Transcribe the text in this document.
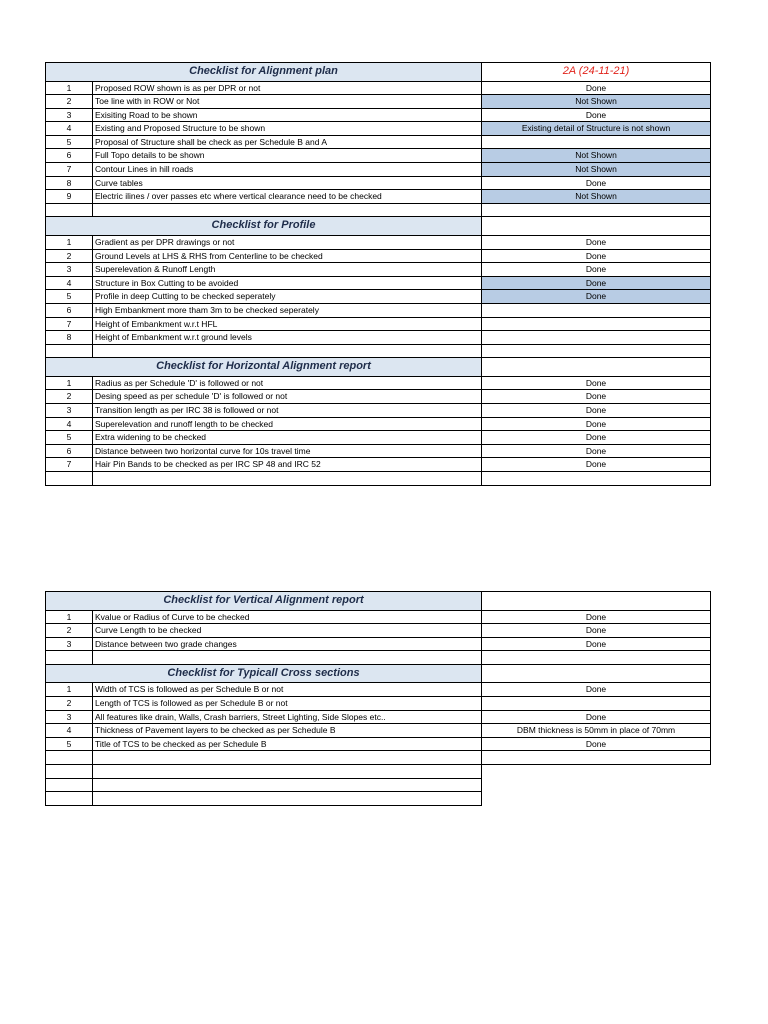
Checklist for Alignment plan		2A (24-11-21)
1	Proposed ROW shown is as per DPR or not	Done
2	Toe line with in ROW or Not	Not Shown
3	Exisiting Road to be shown	Done
4	Existing and Proposed Structure to be shown	Existing detail of Structure is not shown
5	Proposal of Structure shall be check as per Schedule B and A	
6	Full Topo details to be shown	Not Shown
7	Contour Lines in hill roads	Not Shown
8	Curve tables	Done
9	Electric ilines / over passes etc where vertical clearance need to be checked	Not Shown

Checklist for Profile		
1	Gradient as per DPR drawings or not	Done
2	Ground Levels at LHS & RHS from Centerline to be checked	Done
3	Superelevation & Runoff Length	Done
4	Structure in Box Cutting to be avoided	Done
5	Profile in deep Cutting to be checked seperately	Done
6	High Embankment more tham 3m to be checked seperately	
7	Height of Embankment w.r.t HFL	
8	Height of Embankment w.r.t ground levels	

Checklist for Horizontal Alignment report		
1	Radius as per Schedule 'D' is followed or not	Done
2	Desing speed as per schedule 'D' is followed or not	Done
3	Transition length as per IRC 38 is followed or not	Done
4	Superelevation and runoff length to be checked	Done
5	Extra widening to be checked	Done
6	Distance between two horizontal curve for 10s travel time	Done
7	Hair Pin Bands to be checked as per IRC SP 48 and IRC 52	Done

Checklist for Vertical Alignment report		
1	Kvalue or Radius of Curve to be checked	Done
2	Curve Length to be checked	Done
3	Distance between two grade changes	Done

Checklist for Typicall Cross sections		
1	Width of TCS is followed as per Schedule B or not	Done
2	Length of TCS is followed as per Schedule B or not	
3	All features like drain, Walls, Crash barriers, Street Lighting, Side Slopes etc..	Done
4	Thickness of Pavement layers to be checked as per Schedule B	DBM thickness is 50mm in place of 70mm
5	Title of TCS to be checked as per Schedule B	Done
